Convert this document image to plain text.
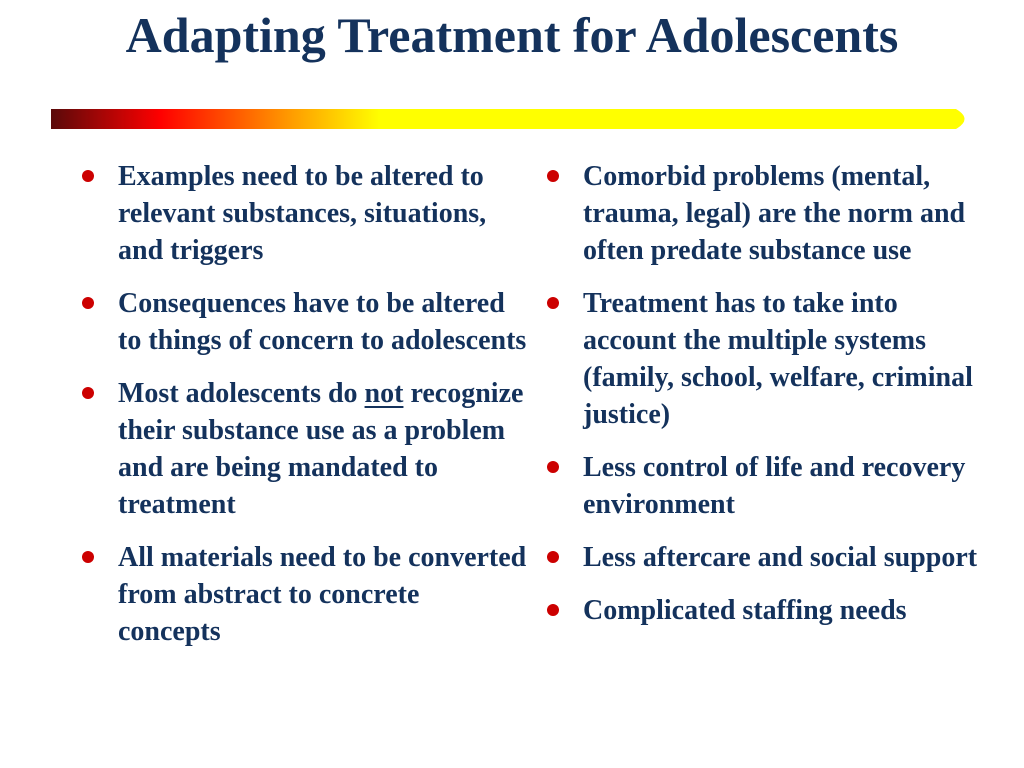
Adapting Treatment for Adolescents
Examples need to be altered to relevant substances, situations, and triggers
Consequences have to be altered to things of concern to adolescents
Most adolescents do not recognize their substance use as a problem and are being mandated to treatment
All materials need to be converted from abstract to concrete concepts
Comorbid problems (mental, trauma, legal) are the norm and often predate substance use
Treatment has to take into account the multiple systems (family, school, welfare, criminal justice)
Less control of life and recovery environment
Less aftercare and social support
Complicated staffing needs
